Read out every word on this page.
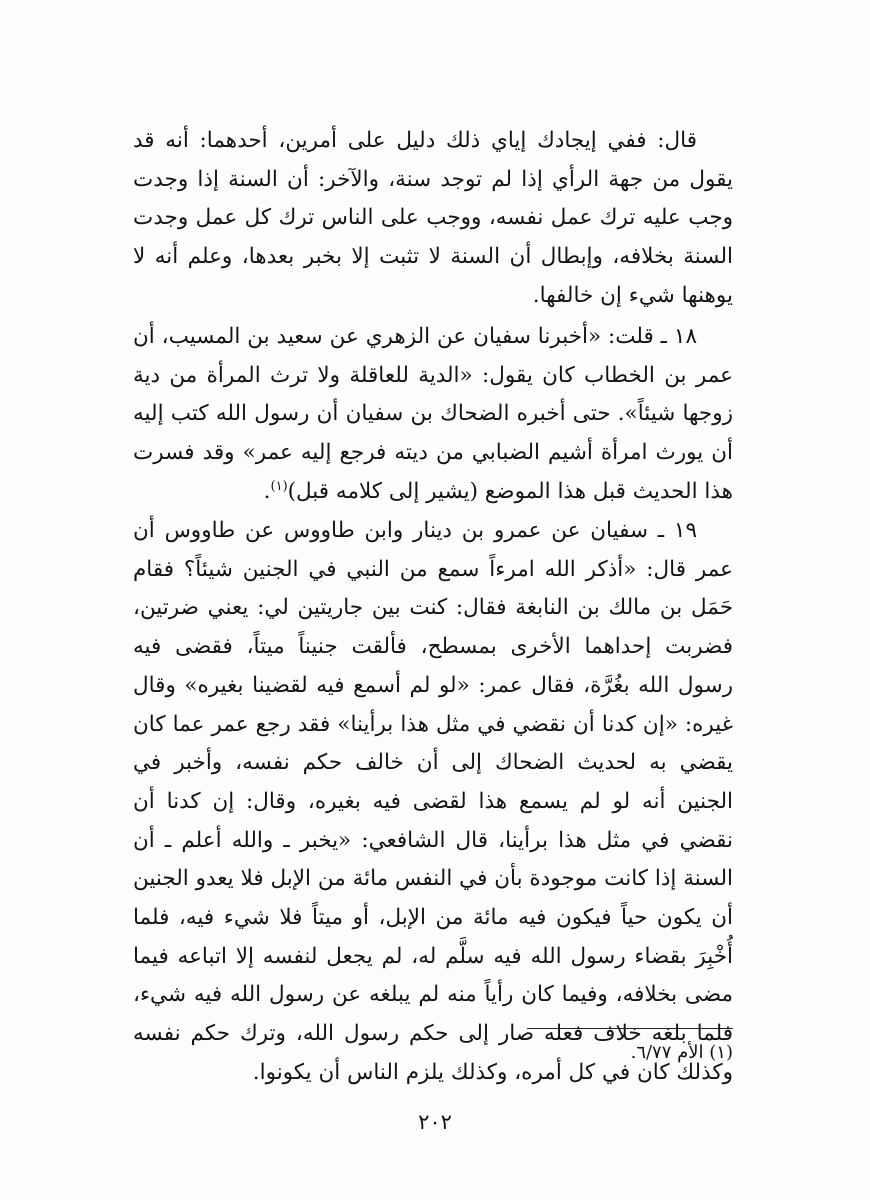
قال: ففي إيجادك إياي ذلك دليل على أمرين، أحدهما: أنه قد يقول من جهة الرأي إذا لم توجد سنة، والآخر: أن السنة إذا وجدت وجب عليه ترك عمل نفسه، ووجب على الناس ترك كل عمل وجدت السنة بخلافه، وإبطال أن السنة لا تثبت إلا بخبر بعدها، وعلم أنه لا يوهنها شيء إن خالفها.

١٨ ـ قلت: «أخبرنا سفيان عن الزهري عن سعيد بن المسيب، أن عمر بن الخطاب كان يقول: «الدية للعاقلة ولا ترث المرأة من دية زوجها شيئاً». حتى أخبره الضحاك بن سفيان أن رسول الله كتب إليه أن يورث امرأة أشيم الضبابي من ديته فرجع إليه عمر» وقد فسرت هذا الحديث قبل هذا الموضع (يشير إلى كلامه قبل)$^{(١)}$.

١٩ ـ سفيان عن عمرو بن دينار وابن طاووس عن طاووس أن عمر قال: «أذكر الله امرءاً سمع من النبي في الجنين شيئاً؟ فقام حَمَل بن مالك بن النابغة فقال: كنت بين جاريتين لي: يعني ضرتين، فضربت إحداهما الأخرى بمسطح، فألقت جنيناً ميتاً، فقضى فيه رسول الله بغُرَّة، فقال عمر: «لو لم أسمع فيه لقضينا بغيره» وقال غيره: «إن كدنا أن نقضي في مثل هذا برأينا» فقد رجع عمر عما كان يقضي به لحديث الضحاك إلى أن خالف حكم نفسه، وأخبر في الجنين أنه لو لم يسمع هذا لقضى فيه بغيره، وقال: إن كدنا أن نقضي في مثل هذا برأينا، قال الشافعي: «يخبر ـ والله أعلم ـ أن السنة إذا كانت موجودة بأن في النفس مائة من الإبل فلا يعدو الجنين أن يكون حياً فيكون فيه مائة من الإبل، أو ميتاً فلا شيء فيه، فلما أُخْبِرَ بقضاء رسول الله فيه سلَّم له، لم يجعل لنفسه إلا اتباعه فيما مضى بخلافه، وفيما كان رأياً منه لم يبلغه عن رسول الله فيه شيء، فلما بلغه خلاف فعله صار إلى حكم رسول الله، وترك حكم نفسه وكذلك كان في كل أمره، وكذلك يلزم الناس أن يكونوا.

(١) الأم ٦/٧٧.
٢٠٢
